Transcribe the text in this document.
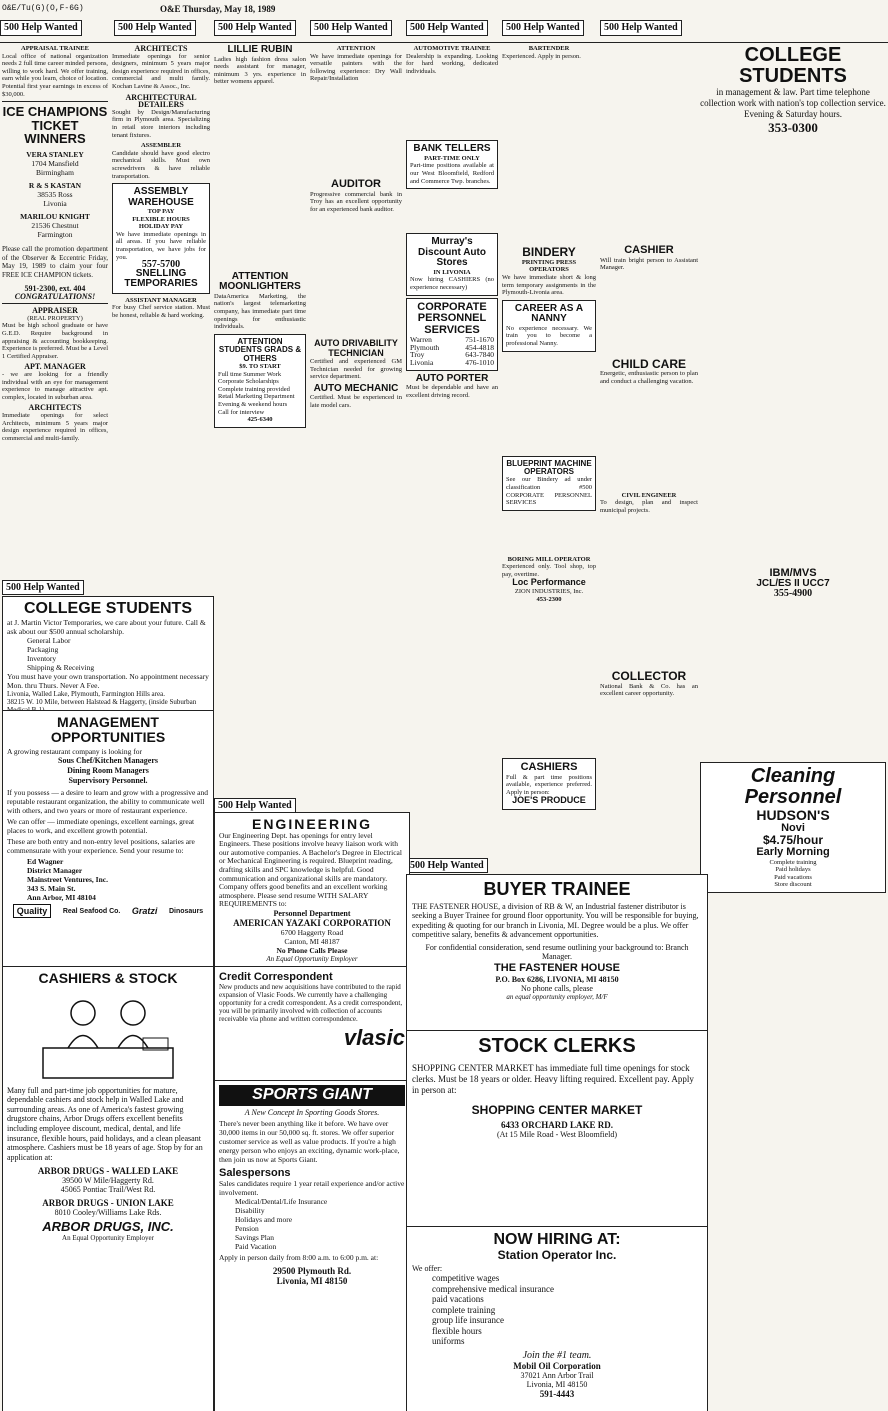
O&E/Tu(G)(O,F-6G)	O&E Thursday, May 18, 1989
500 Help Wanted	500 Help Wanted	500 Help Wanted	500 Help Wanted	500 Help Wanted	500 Help Wanted	500 Help Wanted
APPRAISAL TRAINEE
Local office of national organization needs 2 full time career minded persons, willing to work hard. We offer training, earn while you learn, choice of location. Potential first year earnings in excess of $30,000.
ICE CHAMPIONS TICKET WINNERS
VERA STANLEY
1704 Mansfield
Birmingham
R & S KASTAN
38535 Ross
Livonia
MARILOU KNIGHT
21536 Chestnut
Farmington
Please call the promotion department of the Observer & Eccentric Friday, May 19, 1989 to claim your four FREE ICE CHAMPION tickets.
591-2300, ext. 404
CONGRATULATIONS!
APPRAISER
(REAL PROPERTY)
Must be high school graduate or have G.E.D. Require background in appraising & accounting bookkeeping. Experience is preferred. Must be a Level 1 Certified Appraiser.
APT. MANAGER
- we are looking for a friendly individual with an eye for management experience to manage attractive apt. complex, located in suburban area.
ARCHITECTS
Immediate openings for select Architects, minimum 5 years major design experience required in offices, commercial and multi-family.
ARCHITECTS
Immediate openings for senior designers, minimum 5 years major design experience required in offices, commercial and multi family. Kochan Lavine & Assoc., Inc.
ARCHITECTURAL DETAILERS
Sought by Design/Manufacturing firm in Plymouth area. Specializing in retail store interiors including tenant fixtures.
ASSEMBLER
Candidate should have good electro mechanical skills. Must own screwdrivers & have reliable transportation.
ASSEMBLY WAREHOUSE
TOP PAY
FLEXIBLE HOURS
HOLIDAY PAY
We have immediate openings in all areas. If you have reliable transportation, we have jobs for you.
557-5700
SNELLING TEMPORARIES
ASSISTANT MANAGER
For busy Chef service station. Must be honest, reliable & hard working.
LILLIE RUBIN
Ladies high fashion dress salon needs assistant for manager, minimum 3 yrs. experience in better womens apparel.
ATTENTION MOONLIGHTERS
DataAmerica Marketing, the nation's largest telemarketing company, has immediate part time openings for enthusiastic individuals.
ATTENTION STUDENTS GRADS & OTHERS
$9. TO START
Full time Summer Work
Corporate Scholarships
Complete training provided
Retail Marketing Department
Evening & weekend hours
Call for interview
425-6340
ATTENTION
We have immediate openings for versatile painters with the following experience: Dry Wall Repair/Installation
AUDITOR
Progressive commercial bank in Troy has an excellent opportunity for an experienced bank auditor.
AUTO DRIVABILITY TECHNICIAN
Certified and experienced GM Technician needed for growing service department.
AUTO MECHANIC
Certified. Must be experienced in late model cars.
AUTOMOTIVE TRAINEE
Dealership is expanding. Looking for hard working, dedicated individuals.
BANK TELLERS
PART-TIME ONLY
Part-time positions available at our West Bloomfield, Redford and Commerce Twp. branches.
Murray's Discount Auto Stores
IN LIVONIA
Now hiring CASHIERS (no experience necessary)
CORPORATE PERSONNEL SERVICES
Warren	751-1670
Plymouth	454-4818
Troy	643-7840
Livonia	476-1010
AUTO PORTER
Must be dependable and have an excellent driving record.
BARTENDER
Experienced. Apply in person.
BINDERY
PRINTING PRESS OPERATORS
We have immediate short & long term temporary assignments in the Plymouth-Livonia area.
CAREER AS A NANNY
No experience necessary. We train you to become a professional Nanny.
BLUEPRINT MACHINE OPERATORS
See our Bindery ad under classification #500 CORPORATE PERSONNEL SERVICES
BORING MILL OPERATOR
Experienced only. Tool shop, top pay, overtime.
Loc Performance
ZION INDUSTRIES, Inc.
453-2300
CASHIERS
Full & part time positions available, experience preferred. Apply in person:
JOE'S PRODUCE
CASHIER
Will train bright person to Assistant Manager.
CHILD CARE
Energetic, enthusiastic person to plan and conduct a challenging vacation.
CIVIL ENGINEER
To design, plan and inspect municipal projects.
COLLECTOR
National Bank & Co. has an excellent career opportunity.
COLLEGE STUDENTS
in management & law. Part time telephone collection work with nation's top collection service. Evening & Saturday hours.
353-0300
IBM/MVS
JCL/ES II UCC7
355-4900
Cleaning Personnel
HUDSON'S
Novi
$4.75/hour
Early Morning
Complete training
Paid holidays
Paid vacations
Store discount
500 Help Wanted
500 Help Wanted
500 Help Wanted
COLLEGE STUDENTS
at J. Martin Victor Temporaries, we care about your future. Call & ask about our $500 annual scholarship.
General Labor
Packaging
Inventory
Shipping & Receiving
You must have your own transportation. No appointment necessary Mon. thru Thurs. Never A Fee.
Livonia, Walled Lake, Plymouth, Farmington Hills area.
38215 W. 10 Mile, between Halstead & Haggerty, (inside Suburban
MANAGEMENT OPPORTUNITIES
A growing restaurant company is looking for
Sous Chef/Kitchen Managers
Dining Room Managers
Supervisory Personnel.
If you possess — a desire to learn and grow with a progressive and reputable restaurant organization, the ability to communicate well with others, and two years or more of restaurant experience.
We can offer — immediate openings, excellent earnings, great places to work, and excellent growth potential.
These are both entry and non-entry level positions, salaries are commensurate with your experience. Send your resume to:
Ed Wagner
District Manager
Mainstreet Ventures, Inc.
343 S. Main St.
Ann Arbor, MI 48104
Quality	Real Seafood Co. Gratzi Dinosaurs
CASHIERS & STOCK
Many full and part-time job opportunities for mature, dependable cashiers and stock help in Walled Lake and surrounding areas. As one of America's fastest growing drugstore chains, Arbor Drugs offers excellent benefits including employee discount, medical, dental, and life insurance, flexible hours, paid holidays, and a clean pleasant atmosphere. Cashiers must be 18 years of age. Stop by for an application at:
ARBOR DRUGS - WALLED LAKE
39500 W Mile/Haggerty Rd.
45065 Pontiac Trail/West Rd.
ARBOR DRUGS - UNION LAKE
8010 Cooley/Williams Lake Rds.
ARBOR DRUGS, INC.
An Equal Opportunity Employer
ENGINEERING
Our Engineering Dept. has openings for entry level Engineers. These positions involve heavy liaison work with our automotive companies. A Bachelor's Degree in Electrical or Mechanical Engineering is required. Blueprint reading, drafting skills and SPC knowledge is helpful. Good communication and organizational skills are mandatory. Company offers good benefits and an excellent working atmosphere. Please send resume WITH SALARY REQUIREMENTS to:
Personnel Department
AMERICAN YAZAKI CORPORATION
6700 Haggerty Road
Canton, MI 48187
No Phone Calls Please
An Equal Opportunity Employer
Credit Correspondent
New products and new acquisitions have contributed to the rapid expansion of Vlasic Foods. We currently have a challenging opportunity for a credit correspondent. As a credit correspondent, you will be primarily involved with collection of accounts receivable via phone and written correspondence.
vlasic
SPORTS GIANT
A New Concept In Sporting Goods Stores.
There's never been anything like it before. We have over 30,000 items in our 50,000 sq. ft. stores. We offer superior customer service as well as value products. If you're a high energy person who enjoys an exciting, dynamic work-place, then join us now at Sports Giant.
Salespersons
Sales candidates require 1 year retail experience and/or active involvement.
Medical/Dental/Life Insurance
Disability
Holidays and more
Pension
Savings Plan
Paid Vacation
Apply in person daily from 8:00 a.m. to 6:00 p.m. at:
29500 Plymouth Rd.
Livonia, MI 48150
BUYER TRAINEE
THE FASTENER HOUSE, a division of RB & W, an Industrial fastener distributor is seeking a Buyer Trainee for ground floor opportunity. You will be responsible for buying, expediting & quoting for our branch in Livonia, MI. Degree would be a plus. We offer competitive salary, benefits & advancement opportunities.
For confidential consideration, send resume outlining your background to: Branch Manager.
THE FASTENER HOUSE
P.O. Box 6286, LIVONIA, MI 48150
No phone calls, please
an equal opportunity employer, M/F
STOCK CLERKS
SHOPPING CENTER MARKET has immediate full time openings for stock clerks. Must be 18 years or older. Heavy lifting required. Excellent pay. Apply in person at:
SHOPPING CENTER MARKET
6433 ORCHARD LAKE RD.
(At 15 Mile Road - West Bloomfield)
NOW HIRING AT:
Station Operator Inc.
We offer:
competitive wages
comprehensive medical insurance
paid vacations
complete training
group life insurance
flexible hours
uniforms
Join the #1 team.
Mobil Oil Corporation
37021 Ann Arbor Trail
Livonia, MI 48150
591-4443
